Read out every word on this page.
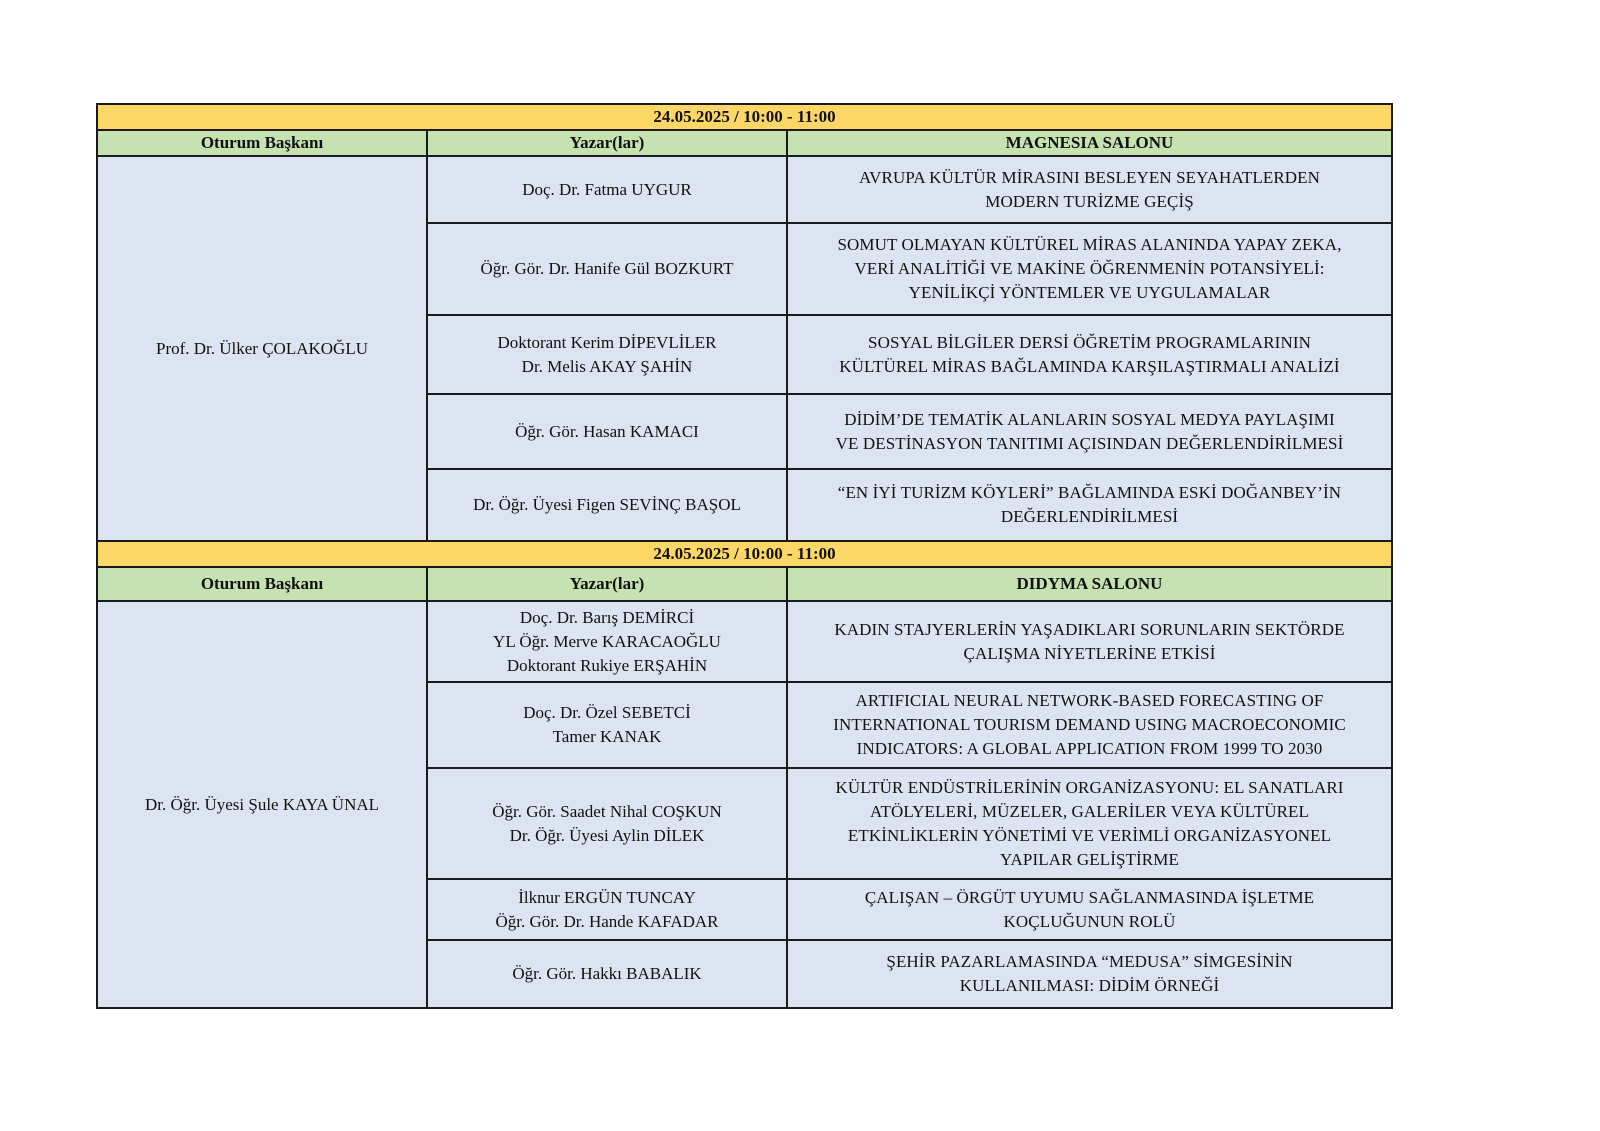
24.05.2025 / 10:00 - 11:00		
Oturum Başkanı	Yazar(lar)	MAGNESIA SALONU
Prof. Dr. Ülker ÇOLAKOĞLU	Doç. Dr. Fatma UYGUR	AVRUPA KÜLTÜR MİRASINI BESLEYEN SEYAHATLERDEN
MODERN TURİZME GEÇİŞ
	Öğr. Gör. Dr. Hanife Gül BOZKURT	SOMUT OLMAYAN KÜLTÜREL MİRAS ALANINDA YAPAY ZEKA,
VERİ ANALİTİĞİ VE MAKİNE ÖĞRENMENİN POTANSİYELİ:
YENİLİKÇİ YÖNTEMLER VE UYGULAMALAR
	Doktorant Kerim DİPEVLİLER
Dr. Melis AKAY ŞAHİN	SOSYAL BİLGİLER DERSİ ÖĞRETİM PROGRAMLARININ
KÜLTÜREL MİRAS BAĞLAMINDA KARŞILAŞTIRMALI ANALİZİ
	Öğr. Gör. Hasan KAMACI	DİDİM’DE TEMATİK ALANLARIN SOSYAL MEDYA PAYLAŞIMI
VE DESTİNASYON TANITIMI AÇISINDAN DEĞERLENDİRİLMESİ
	Dr. Öğr. Üyesi Figen SEVİNÇ BAŞOL	“EN İYİ TURİZM KÖYLERİ” BAĞLAMINDA ESKİ DOĞANBEY’İN
DEĞERLENDİRİLMESİ
24.05.2025 / 10:00 - 11:00		
Oturum Başkanı	Yazar(lar)	DIDYMA SALONU
Dr. Öğr. Üyesi Şule KAYA ÜNAL	Doç. Dr. Barış DEMİRCİ
YL Öğr. Merve KARACAOĞLU
Doktorant Rukiye ERŞAHİN	KADIN STAJYERLERİN YAŞADIKLARI SORUNLARIN SEKTÖRDE
ÇALIŞMA NİYETLERİNE ETKİSİ
	Doç. Dr. Özel SEBETCİ
Tamer KANAK	ARTIFICIAL NEURAL NETWORK-BASED FORECASTING OF
INTERNATIONAL TOURISM DEMAND USING MACROECONOMIC
INDICATORS: A GLOBAL APPLICATION FROM 1999 TO 2030
	Öğr. Gör. Saadet Nihal COŞKUN
Dr. Öğr. Üyesi Aylin DİLEK	KÜLTÜR ENDÜSTRİLERİNİN ORGANİZASYONU: EL SANATLARI
ATÖLYELERİ, MÜZELER, GALERİLER VEYA KÜLTÜREL
ETKİNLİKLERİN YÖNETİMİ VE VERİMLİ ORGANİZASYONEL
YAPILAR GELİŞTİRME
	İlknur ERGÜN TUNCAY
Öğr. Gör. Dr. Hande KAFADAR	ÇALIŞAN – ÖRGÜT UYUMU SAĞLANMASINDA İŞLETME
KOÇLUĞUNUN ROLÜ
	Öğr. Gör. Hakkı BABALIK	ŞEHİR PAZARLAMASINDA “MEDUSA” SİMGESİNİN
KULLANILMASI: DİDİM ÖRNEĞİ
